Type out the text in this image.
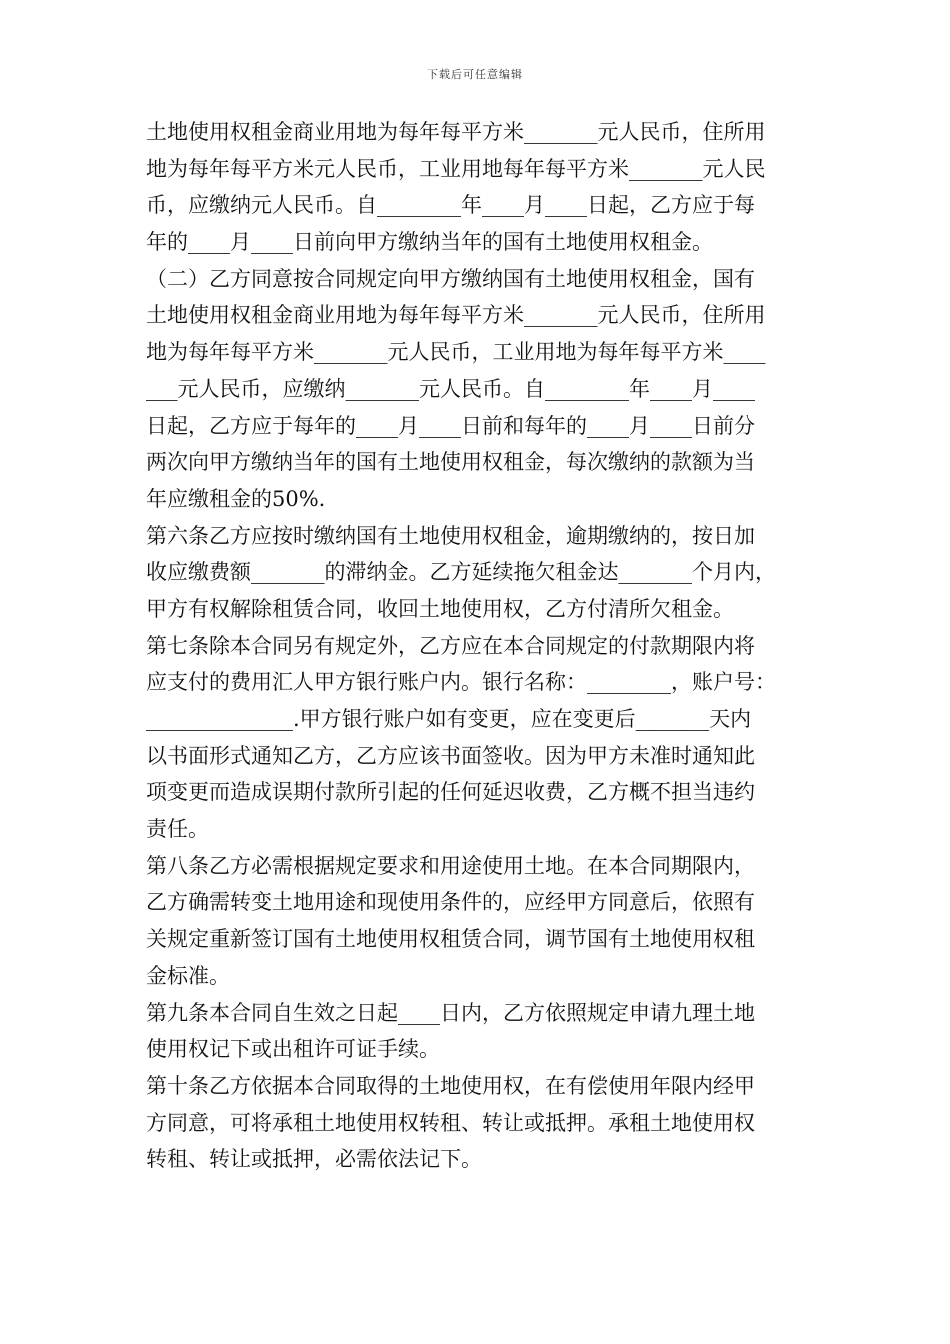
下载后可任意编辑
土地使用权租金商业用地为每年每平方米_______元人民币，住所用
地为每年每平方米元人民币，工业用地每年每平方米_______元人民
币，应缴纳元人民币。自________年____月____日起，乙方应于每
年的____月____日前向甲方缴纳当年的国有土地使用权租金。
（二）乙方同意按合同规定向甲方缴纳国有土地使用权租金，国有
土地使用权租金商业用地为每年每平方米_______元人民币，住所用
地为每年每平方米_______元人民币，工业用地为每年每平方米____
___元人民币，应缴纳_______元人民币。自________年____月____
日起，乙方应于每年的____月____日前和每年的____月____日前分
两次向甲方缴纳当年的国有土地使用权租金，每次缴纳的款额为当
年应缴租金的50%.
第六条乙方应按时缴纳国有土地使用权租金，逾期缴纳的，按日加
收应缴费额_______的滞纳金。乙方延续拖欠租金达_______个月内，
甲方有权解除租赁合同，收回土地使用权，乙方付清所欠租金。
第七条除本合同另有规定外，乙方应在本合同规定的付款期限内将
应支付的费用汇人甲方银行账户内。银行名称：________，账户号：
______________.甲方银行账户如有变更，应在变更后_______天内
以书面形式通知乙方，乙方应该书面签收。因为甲方未准时通知此
项变更而造成误期付款所引起的任何延迟收费，乙方概不担当违约
责任。
第八条乙方必需根据规定要求和用途使用土地。在本合同期限内，
乙方确需转变土地用途和现使用条件的，应经甲方同意后，依照有
关规定重新签订国有土地使用权租赁合同，调节国有土地使用权租
金标准。
第九条本合同自生效之日起____日内，乙方依照规定申请九理土地
使用权记下或出租许可证手续。
第十条乙方依据本合同取得的土地使用权，在有偿使用年限内经甲
方同意，可将承租土地使用权转租、转让或抵押。承租土地使用权
转租、转让或抵押，必需依法记下。
